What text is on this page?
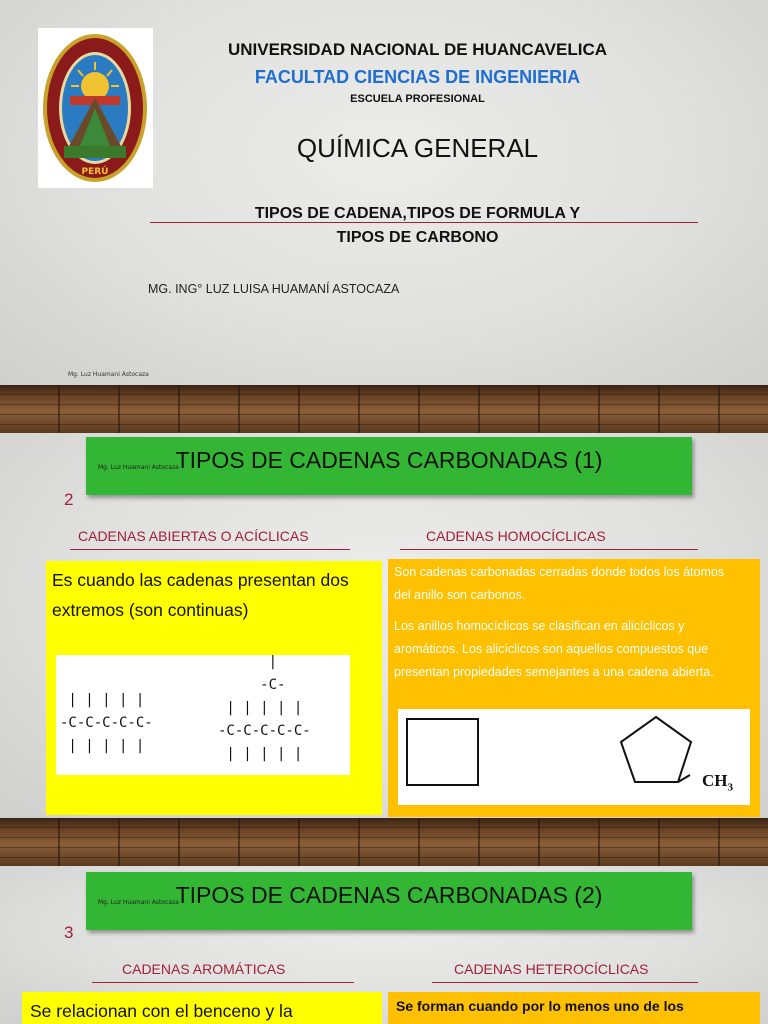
PERÚ
UNIVERSIDAD NACIONAL DE HUANCAVELICA
FACULTAD CIENCIAS DE INGENIERIA
ESCUELA PROFESIONAL
QUÍMICA GENERAL
TIPOS DE CADENA,TIPOS DE FORMULA Y
TIPOS DE CARBONO
MG. ING° LUZ LUISA HUAMANÍ ASTOCAZA
Mg. Luz Huamani Astocaza
Mg. Luz Huamani Astocaza
TIPOS DE CADENAS CARBONADAS (1)
2
CADENAS ABIERTAS O ACÍCLICAS	CADENAS HOMOCÍCLICAS
Es cuando las cadenas presentan dos extremos (son continuas)
| | | | |
-C-C-C-C-C-
| | | | |
|
-C-
| | | | |
-C-C-C-C-C-
| | | | |
Son cadenas carbonadas cerradas donde todos los átomos del anillo son carbonos.
Los anillos homocíclicos se clasifican en alicíclicos y aromáticos. Los alicíclicos son aquellos compuestos que presentan propiedades semejantes a una cadena abierta.
$CH_3$
Mg. Luz Huamani Astocaza
TIPOS DE CADENAS CARBONADAS (2)
3
CADENAS AROMÁTICAS	CADENAS HETEROCÍCLICAS
Se relacionan con el benceno y la	Se forman cuando por lo menos uno de los
